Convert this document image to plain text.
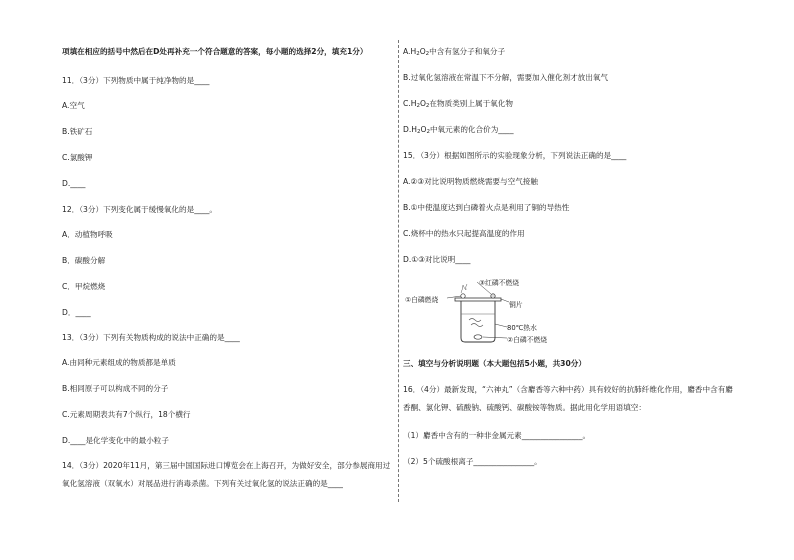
项填在相应的括号中然后在D处再补充一个符合题意的答案，每小题的选择2分，填充1分）
11．（3分）下列物质中属于纯净物的是____
A.空气
B.铁矿石
C.氯酸钾
D.____
12．（3分）下列变化属于缓慢氧化的是____。
A．动植物呼吸
B．碳酸分解
C．甲烷燃烧
D．____
13．（3分）下列有关物质构成的说法中正确的是____
A.由同种元素组成的物质都是单质
B.相同原子可以构成不同的分子
C.元素周期表共有7个纵行，18个横行
D.____是化学变化中的最小粒子
14．（3分）2020年11月，第三届中国国际进口博览会在上海召开，为做好安全，部分参展商用过氧化氢溶液（双氧水）对展品进行消毒杀菌。下列有关过氧化氢的说法正确的是____
$A.H_2O_2$中含有氢分子和氧分子
B.过氧化氢溶液在常温下不分解，需要加入催化剂才放出氧气
$C.H_2O_2$在物质类别上属于氧化物
$D.H_2O_2$中氧元素的化合价为____
15．（3分）根据如图所示的实验现象分析，下列说法正确的是____
A.②③对比说明物质燃烧需要与空气接触
B.①中使温度达到白磷着火点是利用了铜的导热性
C.烧杯中的热水只起提高温度的作用
D.①③对比说明____
③红磷不燃烧
①白磷燃烧
铜片
80℃热水
②白磷不燃烧
三、填空与分析说明题（本大题包括5小题，共30分）
16．（4分）最新发现，“六神丸”（含麝香等六种中药）具有较好的抗肺纤维化作用，麝香中含有麝香酮、氯化钾、硫酸钠、硫酸钙、碳酸铵等物质。据此用化学用语填空：
（1）麝香中含有的一种非金属元素________________。
（2）5个硫酸根离子________________。
